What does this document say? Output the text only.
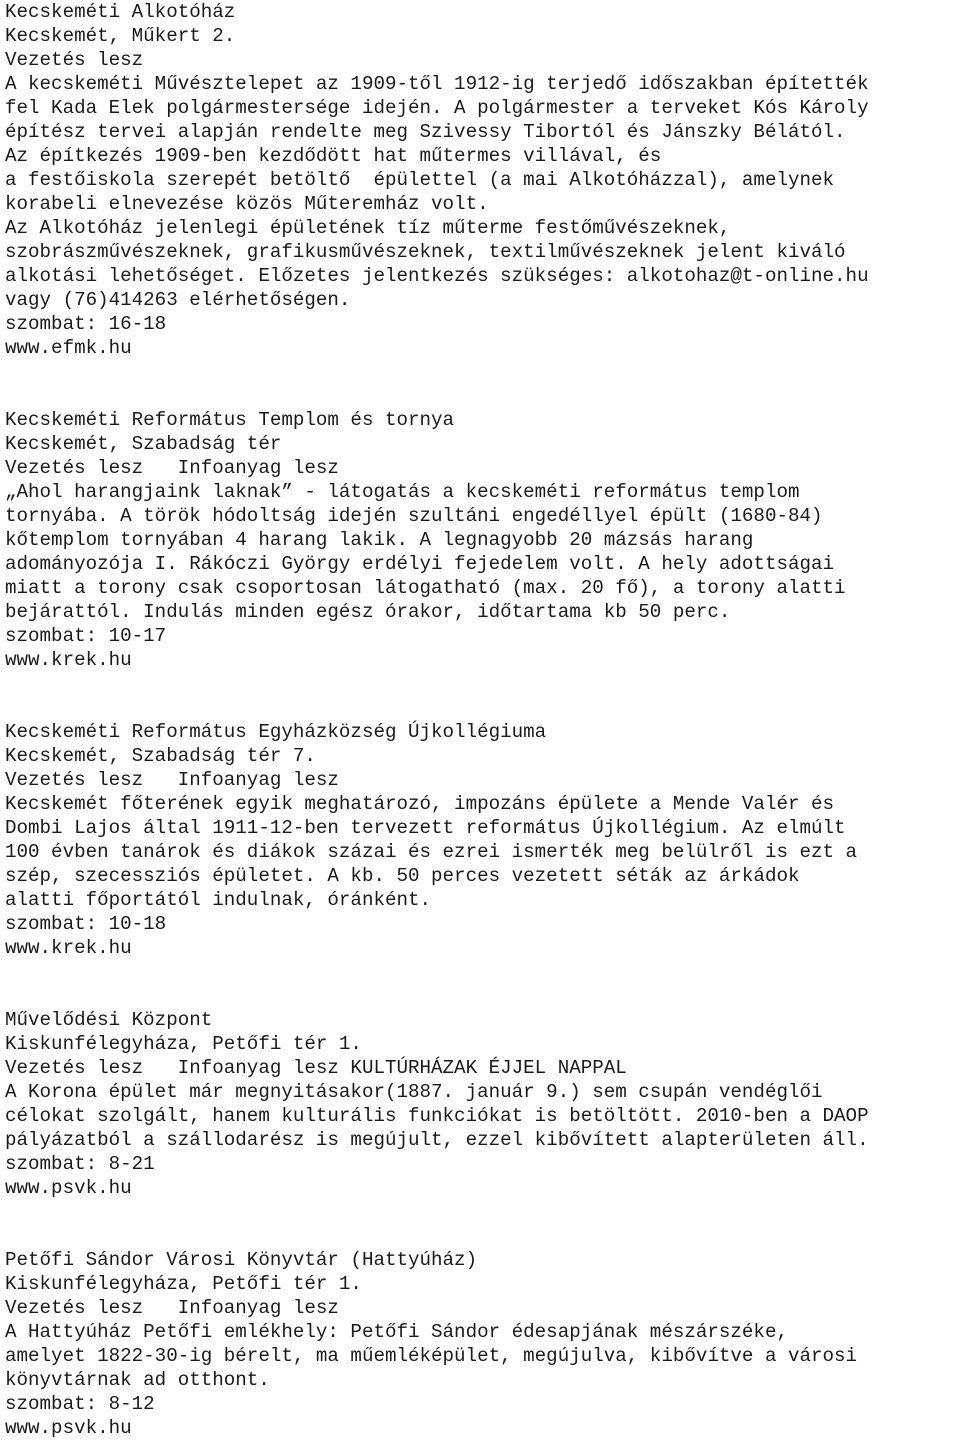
Kecskeméti Alkotóház
Kecskemét, Műkert 2.
Vezetés lesz
A kecskeméti Művésztelepet az 1909-től 1912-ig terjedő időszakban építették
fel Kada Elek polgármestersége idején. A polgármester a terveket Kós Károly
építész tervei alapján rendelte meg Szivessy Tibortól és Jánszky Bélától.
Az építkezés 1909-ben kezdődött hat műtermes villával, és
a festőiskola szerepét betöltő  épülettel (a mai Alkotóházzal), amelynek
korabeli elnevezése közös Műteremház volt.
Az Alkotóház jelenlegi épületének tíz műterme festőművészeknek,
szobrászművészeknek, grafikusművészeknek, textilművészeknek jelent kiváló
alkotási lehetőséget. Előzetes jelentkezés szükséges: alkotohaz@t-online.hu
vagy (76)414263 elérhetőségen.
szombat: 16-18
www.efmk.hu
Kecskeméti Református Templom és tornya
Kecskemét, Szabadság tér
Vezetés lesz   Infoanyag lesz
„Ahol harangjaink laknak” - látogatás a kecskeméti református templom
tornyába. A török hódoltság idején szultáni engedéllyel épült (1680-84)
kőtemplom tornyában 4 harang lakik. A legnagyobb 20 mázsás harang
adományozója I. Rákóczi György erdélyi fejedelem volt. A hely adottságai
miatt a torony csak csoportosan látogatható (max. 20 fő), a torony alatti
bejárattól. Indulás minden egész órakor, időtartama kb 50 perc.
szombat: 10-17
www.krek.hu
Kecskeméti Református Egyházközség Újkollégiuma
Kecskemét, Szabadság tér 7.
Vezetés lesz   Infoanyag lesz
Kecskemét főterének egyik meghatározó, impozáns épülete a Mende Valér és
Dombi Lajos által 1911-12-ben tervezett református Újkollégium. Az elmúlt
100 évben tanárok és diákok százai és ezrei ismerték meg belülről is ezt a
szép, szecessziós épületet. A kb. 50 perces vezetett séták az árkádok
alatti főportától indulnak, óránként.
szombat: 10-18
www.krek.hu
Művelődési Központ
Kiskunfélegyháza, Petőfi tér 1.
Vezetés lesz   Infoanyag lesz KULTÚRHÁZAK ÉJJEL NAPPAL
A Korona épület már megnyitásakor(1887. január 9.) sem csupán vendéglői
célokat szolgált, hanem kulturális funkciókat is betöltött. 2010-ben a DAOP
pályázatból a szállodarész is megújult, ezzel kibővített alapterületen áll.
szombat: 8-21
www.psvk.hu
Petőfi Sándor Városi Könyvtár (Hattyúház)
Kiskunfélegyháza, Petőfi tér 1.
Vezetés lesz   Infoanyag lesz
A Hattyúház Petőfi emlékhely: Petőfi Sándor édesapjának mészárszéke,
amelyet 1822-30-ig bérelt, ma műemléképület, megújulva, kibővítve a városi
könyvtárnak ad otthont.
szombat: 8-12
www.psvk.hu
